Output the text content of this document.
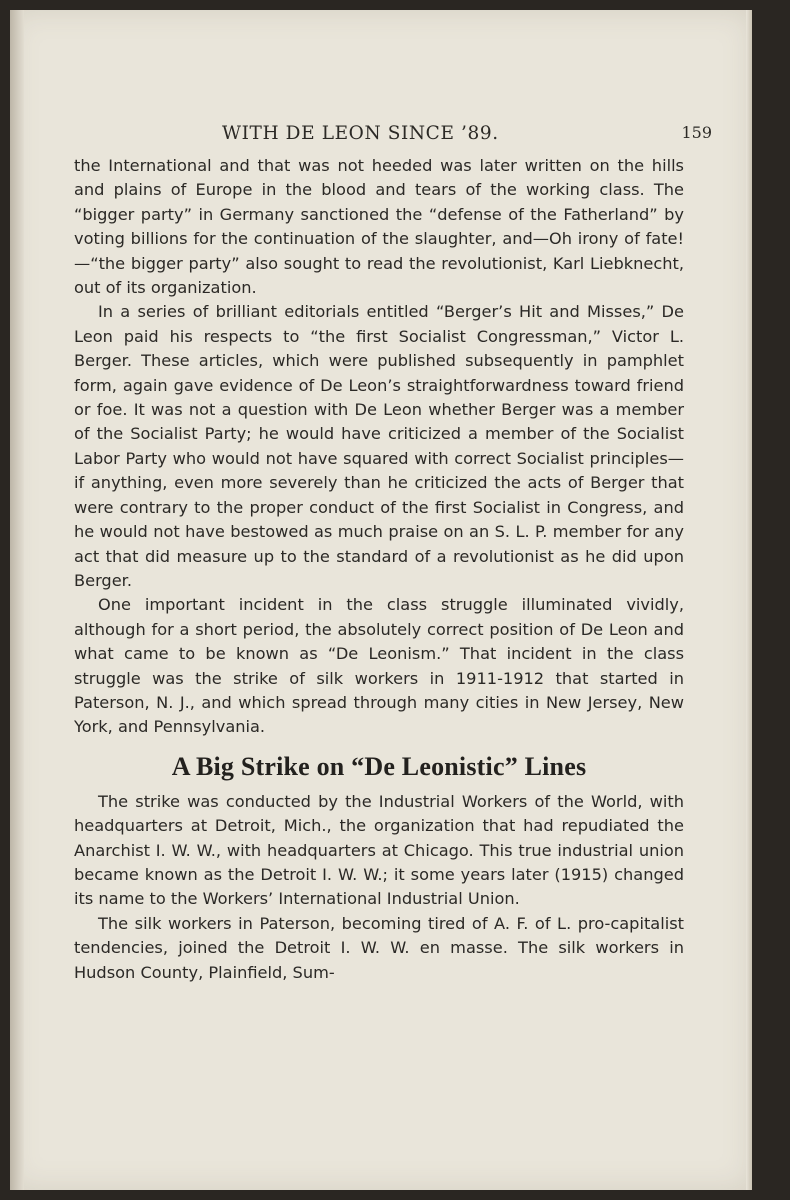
WITH DE LEON SINCE ’89.	159

the International and that was not heeded was later written on the hills and plains of Europe in the blood and tears of the working class. The “bigger party” in Germany sanctioned the “defense of the Fatherland” by voting billions for the continuation of the slaughter, and—Oh irony of fate!—“the bigger party” also sought to read the revolutionist, Karl Liebknecht, out of its organization.

In a series of brilliant editorials entitled “Berger’s Hit and Misses,” De Leon paid his respects to “the first Socialist Congressman,” Victor L. Berger. These articles, which were published subsequently in pamphlet form, again gave evidence of De Leon’s straightforwardness toward friend or foe. It was not a question with De Leon whether Berger was a member of the Socialist Party; he would have criticized a member of the Socialist Labor Party who would not have squared with correct Socialist principles—if anything, even more severely than he criticized the acts of Berger that were contrary to the proper conduct of the first Socialist in Congress, and he would not have bestowed as much praise on an S. L. P. member for any act that did measure up to the standard of a revolutionist as he did upon Berger.

One important incident in the class struggle illuminated vividly, although for a short period, the absolutely correct position of De Leon and what came to be known as “De Leonism.” That incident in the class struggle was the strike of silk workers in 1911-1912 that started in Paterson, N. J., and which spread through many cities in New Jersey, New York, and Pennsylvania.

A Big Strike on “De Leonistic” Lines

The strike was conducted by the Industrial Workers of the World, with headquarters at Detroit, Mich., the organization that had repudiated the Anarchist I. W. W., with headquarters at Chicago. This true industrial union became known as the Detroit I. W. W.; it some years later (1915) changed its name to the Workers’ International Industrial Union.

The silk workers in Paterson, becoming tired of A. F. of L. pro-capitalist tendencies, joined the Detroit I. W. W. en masse. The silk workers in Hudson County, Plainfield, Sum-
